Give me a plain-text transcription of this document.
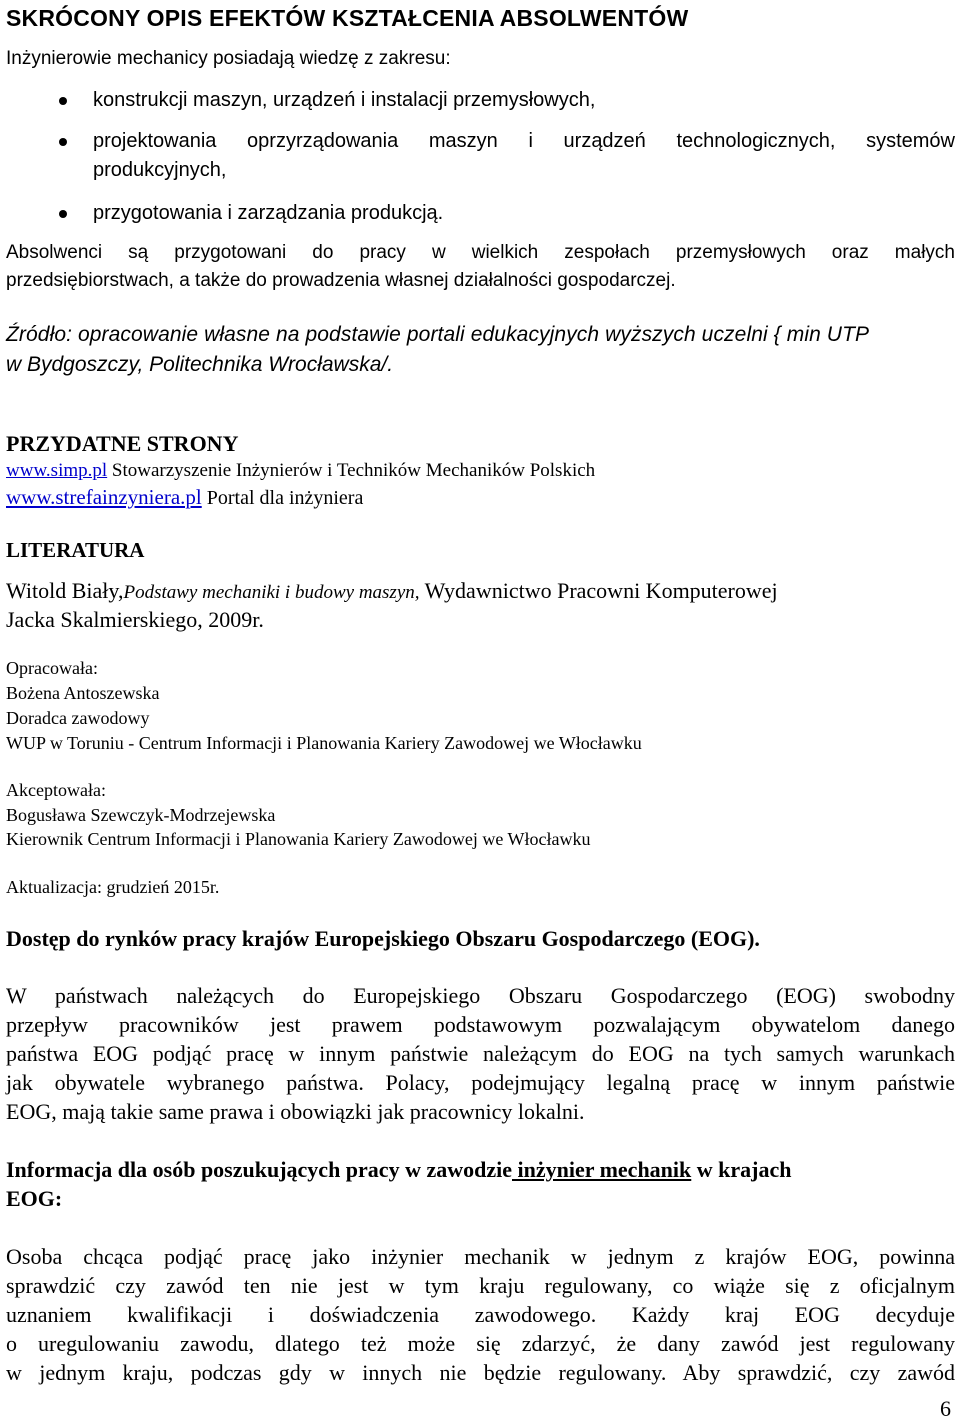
SKRÓCONY OPIS EFEKTÓW KSZTAŁCENIA ABSOLWENTÓW
Inżynierowie mechanicy posiadają wiedzę z zakresu:
konstrukcji maszyn, urządzeń i instalacji przemysłowych,
projektowania oprzyrządowania maszyn i urządzeń technologicznych, systemów
produkcyjnych,
przygotowania i zarządzania produkcją.
Absolwenci są przygotowani do pracy w wielkich zespołach przemysłowych oraz małych
przedsiębiorstwach, a także do prowadzenia własnej działalności gospodarczej.
Źródło: opracowanie własne na podstawie portali edukacyjnych wyższych uczelni { min UTP
w Bydgoszczy, Politechnika Wrocławska/.
PRZYDATNE STRONY
www.simp.pl Stowarzyszenie Inżynierów i Techników Mechaników Polskich
www.strefainzyniera.pl Portal dla inżyniera
LITERATURA
Witold Biały,Podstawy mechaniki i budowy maszyn, Wydawnictwo Pracowni Komputerowej
Jacka Skalmierskiego, 2009r.
Opracowała:
Bożena Antoszewska
Doradca zawodowy
WUP w Toruniu - Centrum Informacji i Planowania Kariery Zawodowej we Włocławku
Akceptowała:
Bogusława Szewczyk-Modrzejewska
Kierownik Centrum Informacji i Planowania Kariery Zawodowej we Włocławku
Aktualizacja: grudzień 2015r.
Dostęp do rynków pracy krajów Europejskiego Obszaru Gospodarczego (EOG).
W państwach należących do Europejskiego Obszaru Gospodarczego (EOG) swobodny
przepływ pracowników jest prawem podstawowym pozwalającym obywatelom danego
państwa EOG podjąć pracę w innym państwie należącym do EOG na tych samych warunkach
jak obywatele wybranego państwa. Polacy, podejmujący legalną pracę w innym państwie
EOG, mają takie same prawa i obowiązki jak pracownicy lokalni.
Informacja dla osób poszukujących pracy w zawodzie inżynier mechanik w krajach
EOG:
Osoba chcąca podjąć pracę jako inżynier mechanik w jednym z krajów EOG, powinna
sprawdzić czy zawód ten nie jest w tym kraju regulowany, co wiąże się z oficjalnym
uznaniem kwalifikacji i doświadczenia zawodowego. Każdy kraj EOG decyduje
o uregulowaniu zawodu, dlatego też może się zdarzyć, że dany zawód jest regulowany
w jednym kraju, podczas gdy w innych nie będzie regulowany. Aby sprawdzić, czy zawód
6
